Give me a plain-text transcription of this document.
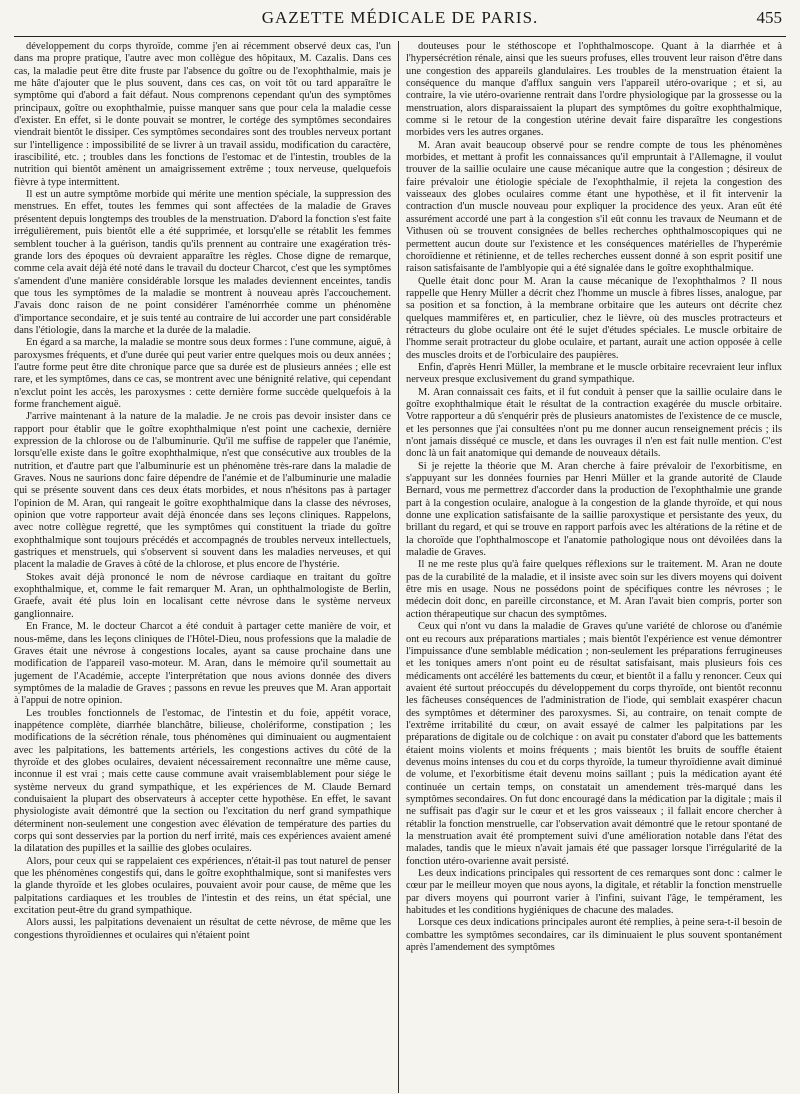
GAZETTE MÉDICALE DE PARIS.	455

développement du corps thyroïde, comme j'en ai récemment observé deux cas, l'un dans ma propre pratique, l'autre avec mon collègue des hôpitaux, M. Cazalis. Dans ces cas, la maladie peut être dite fruste par l'absence du goître ou de l'exophthalmie, mais je me hâte d'ajouter que le plus souvent, dans ces cas, on voit tôt ou tard apparaître le symptôme qui d'abord a fait défaut. Nous comprenons cependant qu'un des symptômes principaux, goître ou exophthalmie, puisse manquer sans que pour cela la maladie cesse d'exister. En effet, si le donte pouvait se montrer, le cortége des symptômes secondaires viendrait bientôt le dissiper. Ces symptômes secondaires sont des troubles nerveux portant sur l'intelligence : impossibilité de se livrer à un travail assidu, modification du caractère, irascibilité, etc. ; troubles dans les fonctions de l'estomac et de l'intestin, troubles de la nutrition qui bientôt amènent un amaigrissement extrême ; toux nerveuse, quelquefois fièvre à type intermittent.

Il est un autre symptôme morbide qui mérite une mention spéciale, la suppression des menstrues. En effet, toutes les femmes qui sont affectées de la maladie de Graves présentent depuis longtemps des troubles de la menstruation. D'abord la fonction s'est faite irrégulièrement, puis bientôt elle a été supprimée, et lorsqu'elle se rétablit les femmes semblent toucher à la guérison, tandis qu'ils prennent au contraire une exagération très-grande lors des époques où devraient apparaître les règles. Chose digne de remarque, comme cela avait déjà été noté dans le travail du docteur Charcot, c'est que les symptômes s'amendent d'une manière considérable lorsque les malades deviennent enceintes, tandis que tous les symptômes de la maladie se montrent à nouveau après l'accouchement. J'avais donc raison de ne point considérer l'aménorrhée comme un phénomène d'importance secondaire, et je suis tenté au contraire de lui accorder une part considérable dans l'étiologie, dans la marche et la durée de la maladie.

En égard a sa marche, la maladie se montre sous deux formes : l'une commune, aiguë, à paroxysmes fréquents, et d'une durée qui peut varier entre quelques mois ou deux années ; l'autre forme peut être dite chronique parce que sa durée est de plusieurs années ; elle est rare, et les symptômes, dans ce cas, se montrent avec une bénignité relative, qui cependant n'exclut point les accès, les paroxysmes : cette dernière forme succède quelquefois à la forme franchement aiguë.

J'arrive maintenant à la nature de la maladie. Je ne crois pas devoir insister dans ce rapport pour établir que le goître exophthalmique n'est point une cachexie, dernière expression de la chlorose ou de l'albuminurie. Qu'il me suffise de rappeler que l'anémie, lorsqu'elle existe dans le goître exophthalmique, n'est que consécutive aux troubles de la nutrition, et d'autre part que l'albuminurie est un phénomène très-rare dans la maladie de Graves. Nous ne saurions donc faire dépendre de l'anémie et de l'albuminurie une maladie qui se présente souvent dans ces deux états morbides, et nous n'hésitons pas à partager l'opinion de M. Aran, qui rangeait le goître exophthalmique dans la classe des névroses, opinion que votre rapporteur avait déjà énoncée dans ses leçons cliniques. Rappelons, avec notre collègue regretté, que les symptômes qui constituent la triade du goître exophthalmique sont toujours précédés et accompagnés de troubles nerveux intellectuels, gastriques et menstruels, qui s'observent si souvent dans les maladies nerveuses, et qui placent la maladie de Graves à côté de la chlorose, et plus encore de l'hystérie.

Stokes avait déjà prononcé le nom de névrose cardiaque en traitant du goître exophthalmique, et, comme le fait remarquer M. Aran, un ophthalmologiste de Berlin, Graefe, avait été plus loin en localisant cette névrose dans le système nerveux ganglionnaire.

En France, M. le docteur Charcot a été conduit à partager cette manière de voir, et nous-même, dans les leçons cliniques de l'Hôtel-Dieu, nous professions que la maladie de Graves était une névrose à congestions locales, ayant sa cause prochaine dans une modification de l'appareil vaso-moteur. M. Aran, dans le mémoire qu'il soumettait au jugement de l'Académie, accepte l'interprétation que nous avions donnée des divers symptômes de la maladie de Graves ; passons en revue les preuves que M. Aran apportait à l'appui de notre opinion.

Les troubles fonctionnels de l'estomac, de l'intestin et du foie, appétit vorace, inappétence complète, diarrhée blanchâtre, bilieuse, cholériforme, constipation ; les modifications de la sécrétion rénale, tous phénomènes qui diminuaient ou augmentaient avec les palpitations, les battements artériels, les congestions actives du côté de la thyroïde et des globes oculaires, devaient nécessairement reconnaître une même cause, inconnue il est vrai ; mais cette cause commune avait vraisemblablement pour siége le système nerveux du grand sympathique, et les expériences de M. Claude Bernard conduisaient la plupart des observateurs à accepter cette hypothèse. En effet, le savant physiologiste avait démontré que la section ou l'excitation du nerf grand sympathique déterminent non-seulement une congestion avec élévation de température des parties du corps qui sont desservies par la portion du nerf irrité, mais ces expériences avaient amené la dilatation des pupilles et la saillie des globes oculaires.

Alors, pour ceux qui se rappelaient ces expériences, n'était-il pas tout naturel de penser que les phénomènes congestifs qui, dans le goître exophthalmique, sont si manifestes vers la glande thyroïde et les globes oculaires, pouvaient avoir pour cause, de même que les palpitations cardiaques et les troubles de l'intestin et des reins, un état spécial, une excitation peut-être du grand sympathique.

Alors aussi, les palpitations devenaient un résultat de cette névrose, de même que les congestions thyroïdiennes et oculaires qui n'étaient point

douteuses pour le stéthoscope et l'ophthalmoscope. Quant à la diarrhée et à l'hypersécrétion rénale, ainsi que les sueurs profuses, elles trouvent leur raison d'être dans une congestion des appareils glandulaires. Les troubles de la menstruation étaient la conséquence du manque d'afflux sanguin vers l'appareil utéro-ovarique ; et si, au contraire, la vie utéro-ovarienne rentrait dans l'ordre physiologique par la grossesse ou la menstruation, alors disparaissaient la plupart des symptômes du goître exophthalmique, comme si le retour de la congestion utérine devait faire disparaître les congestions morbides vers les autres organes.

M. Aran avait beaucoup observé pour se rendre compte de tous les phénomènes morbides, et mettant à profit les connaissances qu'il empruntait à l'Allemagne, il voulut trouver de la saillie oculaire une cause mécanique autre que la congestion ; désireux de faire prévaloir une étiologie spéciale de l'exophthalmie, il rejeta la congestion des vaisseaux des globes oculaires comme étant une hypothèse, et il fit intervenir la contraction d'un muscle nouveau pour expliquer la procidence des yeux. Aran eût été assurément accordé une part à la congestion s'il eût connu les travaux de Neumann et de Vithusen où se trouvent consignées de belles recherches ophthalmoscopiques qui ne permettent aucun doute sur l'existence et les conséquences matérielles de l'hyperémie choroïdienne et rétinienne, et de telles recherches eussent donné à son esprit positif une raison satisfaisante de l'amblyopie qui a été signalée dans le goître exophthalmique.

Quelle était donc pour M. Aran la cause mécanique de l'exophthalmos ? Il nous rappelle que Henry Müller a décrit chez l'homme un muscle à fibres lisses, analogue, par sa position et sa fonction, à la membrane orbitaire que les auteurs ont décrite chez quelques mammifères et, en particulier, chez le lièvre, où des muscles protracteurs et rétracteurs du globe oculaire ont été le sujet d'études spéciales. Le muscle orbitaire de l'homme serait protracteur du globe oculaire, et partant, aurait une action opposée à celle des muscles droits et de l'orbiculaire des paupières.

Enfin, d'après Henri Müller, la membrane et le muscle orbitaire recevraient leur influx nerveux presque exclusivement du grand sympathique.

M. Aran connaissait ces faits, et il fut conduit à penser que la saillie oculaire dans le goître exophthalmique était le résultat de la contraction exagérée du muscle orbitaire. Votre rapporteur a dû s'enquérir près de plusieurs anatomistes de l'existence de ce muscle, et les personnes que j'ai consultées n'ont pu me donner aucun renseignement précis ; ils n'ont jamais disséqué ce muscle, et dans les ouvrages il n'en est fait nulle mention. C'est donc là un fait anatomique qui demande de nouveaux détails.

Si je rejette la théorie que M. Aran cherche à faire prévaloir de l'exorbitisme, en s'appuyant sur les données fournies par Henri Müller et la grande autorité de Claude Bernard, vous me permettrez d'accorder dans la production de l'exophthalmie une grande part à la congestion oculaire, analogue à la congestion de la glande thyroïde, et qui nous donne une explication satisfaisante de la saillie paroxystique et persistante des yeux, du brillant du regard, et qui se trouve en rapport parfois avec les altérations de la rétine et de la choroïde que l'ophthalmoscope et l'anatomie pathologique nous ont dévoilées dans la maladie de Graves.

Il ne me reste plus qu'à faire quelques réflexions sur le traitement. M. Aran ne doute pas de la curabilité de la maladie, et il insiste avec soin sur les divers moyens qui doivent être mis en usage. Nous ne possédons point de spécifiques contre les névroses ; le médecin doit donc, en pareille circonstance, et M. Aran l'avait bien compris, porter son action thérapeutique sur chacun des symptômes.

Ceux qui n'ont vu dans la maladie de Graves qu'une variété de chlorose ou d'anémie ont eu recours aux préparations martiales ; mais bientôt l'expérience est venue démontrer l'impuissance d'une semblable médication ; non-seulement les préparations ferrugineuses et les toniques amers n'ont point eu de résultat satisfaisant, mais plusieurs fois ces médicaments ont accéléré les battements du cœur, et bientôt il a fallu y renoncer. Ceux qui avaient été surtout préoccupés du développement du corps thyroïde, ont bientôt reconnu les fâcheuses conséquences de l'administration de l'iode, qui semblait exaspérer chacun des symptômes et déterminer des paroxysmes. Si, au contraire, on tenait compte de l'extrême irritabilité du cœur, on avait essayé de calmer les palpitations par les préparations de digitale ou de colchique : on avait pu constater d'abord que les battements étaient moins violents et moins fréquents ; mais bientôt les bruits de souffle étaient devenus moins intenses du cou et du corps thyroïde, la tumeur thyroïdienne avait diminué de volume, et l'exorbitisme était devenu moins saillant ; puis la médication ayant été continuée un certain temps, on constatait un amendement très-marqué dans les symptômes secondaires. On fut donc encouragé dans la médication par la digitale ; mais il ne suffisait pas d'agir sur le cœur et et les gros vaisseaux ; il fallait encore chercher à rétablir la fonction menstruelle, car l'observation avait démontré que le retour spontané de la menstruation avait été promptement suivi d'une amélioration notable dans l'état des malades, tandis que le mieux n'avait jamais été que passager lorsque l'irrégularité de la fonction utéro-ovarienne avait persisté.

Les deux indications principales qui ressortent de ces remarques sont donc : calmer le cœur par le meilleur moyen que nous ayons, la digitale, et rétablir la fonction menstruelle par divers moyens qui pourront varier à l'infini, suivant l'âge, le tempérament, les habitudes et les conditions hygiéniques de chacune des malades.

Lorsque ces deux indications principales auront été remplies, à peine sera-t-il besoin de combattre les symptômes secondaires, car ils diminuaient le plus souvent spontanément après l'amendement des symptômes
